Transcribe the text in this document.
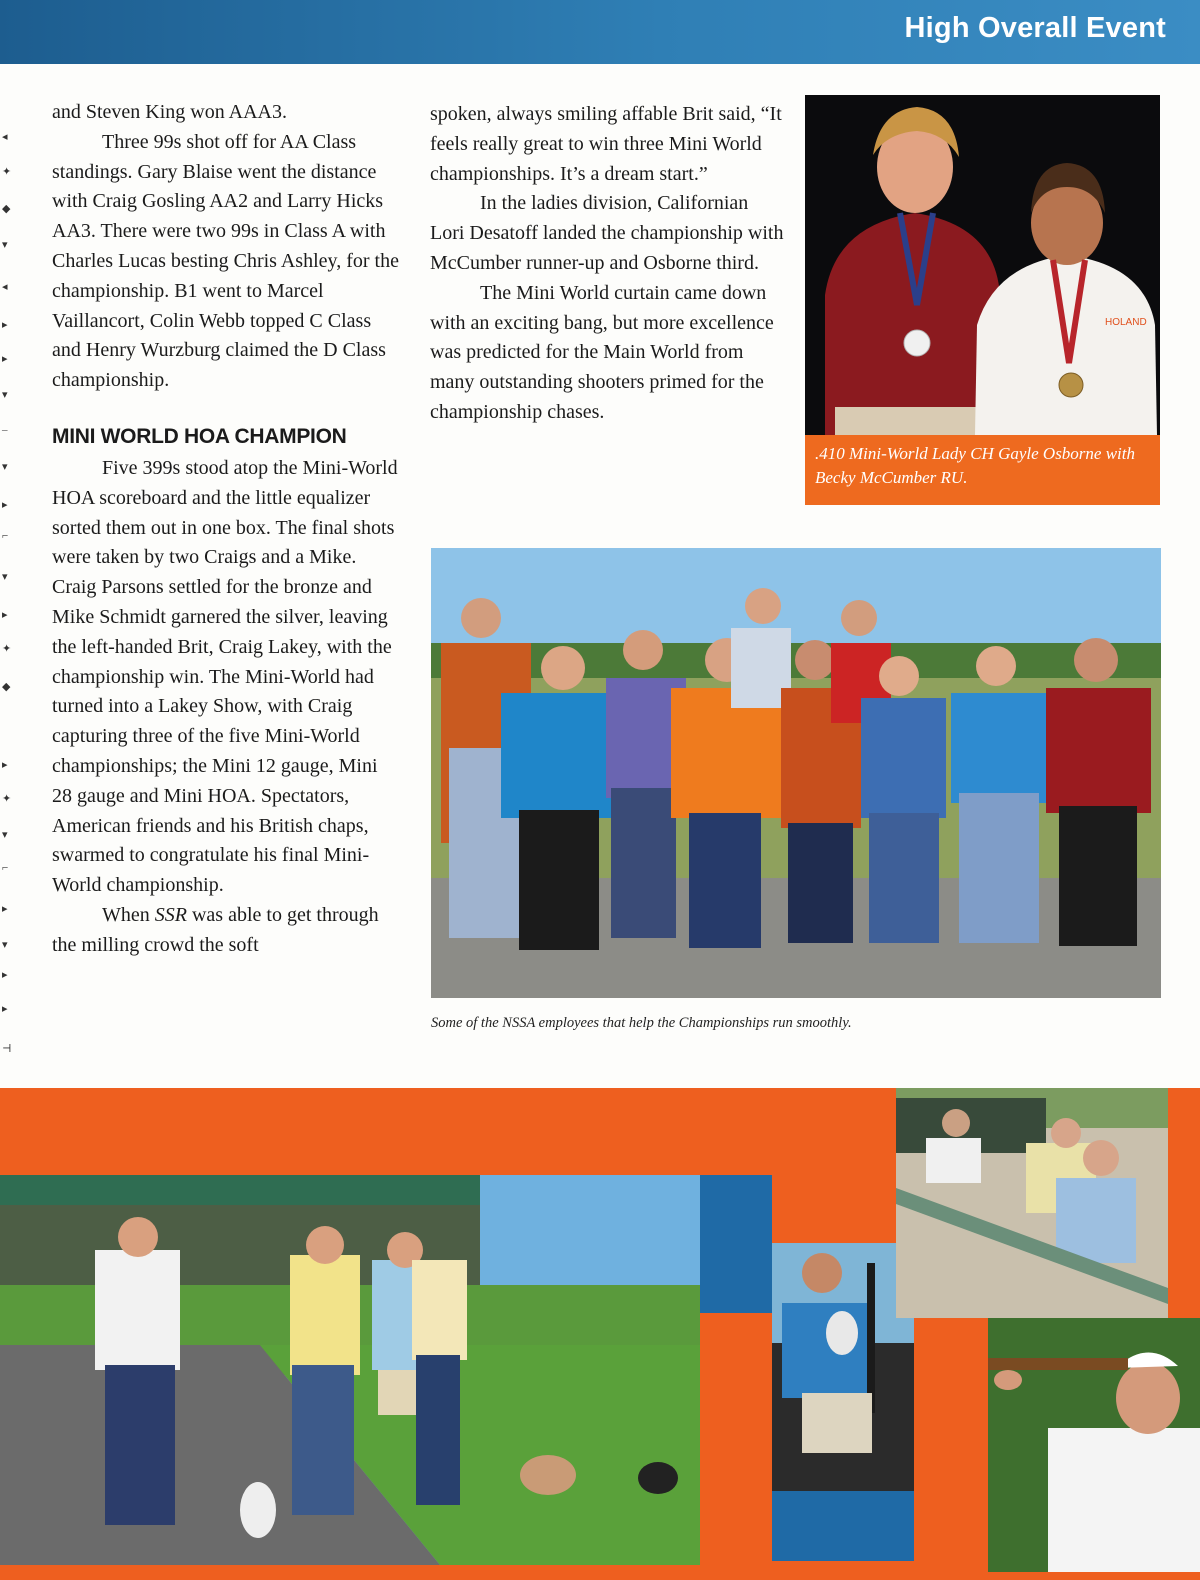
High Overall Event
◂
✦
◆
▾
◂
▸
▸
▾
–
▾
▸
⌐
▾
▸
✦
◆
▸
✦
▾
⌐
▸
▾
▸
▸
⊣

and Steven King won AAA3.

Three 99s shot off for AA Class standings. Gary Blaise went the distance with Craig Gosling AA2 and Larry Hicks AA3. There were two 99s in Class A with Charles Lucas besting Chris Ashley, for the championship. B1 went to Marcel Vaillancort, Colin Webb topped C Class and Henry Wurzburg claimed the D Class championship.

MINI WORLD HOA CHAMPION

Five 399s stood atop the Mini-World HOA scoreboard and the little equalizer sorted them out in one box. The final shots were taken by two Craigs and a Mike. Craig Parsons settled for the bronze and Mike Schmidt garnered the silver, leaving the left-handed Brit, Craig Lakey, with the championship win. The Mini-World had turned into a Lakey Show, with Craig capturing three of the five Mini-World championships; the Mini 12 gauge, Mini 28 gauge and Mini HOA. Spectators, American friends and his British chaps, swarmed to congratulate his final Mini-World championship.

When SSR was able to get through the milling crowd the soft

spoken, always smiling affable Brit said, “It feels really great to win three Mini World championships. It’s a dream start.”

In the ladies division, Californian Lori Desatoff landed the championship with McCumber runner-up and Osborne third.

The Mini World curtain came down with an exciting bang, but more excellence was predicted for the Main World from many outstanding shooters primed for the championship chases.

HOLAND
.410 Mini-World Lady CH Gayle Osborne with Becky McCumber RU.
Some of the NSSA employees that help the Championships run smoothly.
